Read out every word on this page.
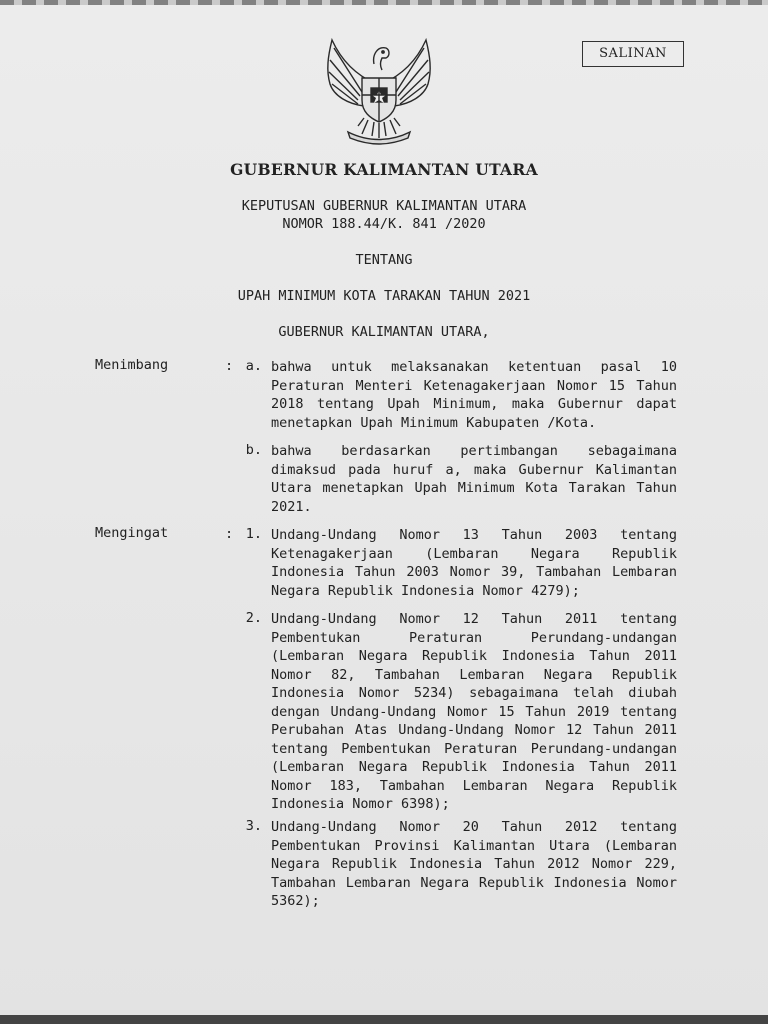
SALINAN
GUBERNUR KALIMANTAN UTARA
KEPUTUSAN GUBERNUR KALIMANTAN UTARA
NOMOR 188.44/K. 841 /2020
TENTANG
UPAH MINIMUM KOTA TARAKAN TAHUN 2021
GUBERNUR KALIMANTAN UTARA,
Menimbang	: a. bahwa untuk melaksanakan ketentuan pasal 10 Peraturan Menteri Ketenagakerjaan Nomor 15 Tahun 2018 tentang Upah Minimum, maka Gubernur dapat menetapkan Upah Minimum Kabupaten /Kota.
b. bahwa berdasarkan pertimbangan sebagaimana dimaksud pada huruf a, maka Gubernur Kalimantan Utara menetapkan Upah Minimum Kota Tarakan Tahun 2021.
Mengingat	: 1. Undang-Undang Nomor 13 Tahun 2003 tentang Ketenagakerjaan (Lembaran Negara Republik Indonesia Tahun 2003 Nomor 39, Tambahan Lembaran Negara Republik Indonesia Nomor 4279);
2. Undang-Undang Nomor 12 Tahun 2011 tentang Pembentukan Peraturan Perundang-undangan (Lembaran Negara Republik Indonesia Tahun 2011 Nomor 82, Tambahan Lembaran Negara Republik Indonesia Nomor 5234) sebagaimana telah diubah dengan Undang-Undang Nomor 15 Tahun 2019 tentang Perubahan Atas Undang-Undang Nomor 12 Tahun 2011 tentang Pembentukan Peraturan Perundang-undangan (Lembaran Negara Republik Indonesia Tahun 2011 Nomor 183, Tambahan Lembaran Negara Republik Indonesia Nomor 6398);
3. Undang-Undang Nomor 20 Tahun 2012 tentang Pembentukan Provinsi Kalimantan Utara (Lembaran Negara Republik Indonesia Tahun 2012 Nomor 229, Tambahan Lembaran Negara Republik Indonesia Nomor 5362);
